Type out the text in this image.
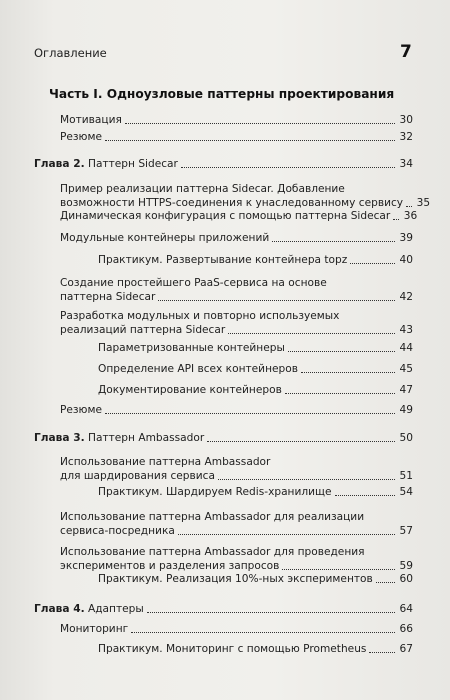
Оглавление	7
Часть I. Одноузловые паттерны проектирования
Мотивация	30
Резюме	32
Глава 2.
Паттерн Sidecar	34
Пример реализации паттерна Sidecar. Добавление
возможности HTTPS-соединения к унаследованному сервису 35
Динамическая конфигурация с помощью паттерна Sidecar 36
Модульные контейнеры приложений	39
Практикум. Развертывание контейнера topz	40
Создание простейшего PaaS-сервиса на основе
паттерна Sidecar	42
Разработка модульных и повторно используемых
реализаций паттерна Sidecar	43
Параметризованные контейнеры	44
Определение API всех контейнеров	45
Документирование контейнеров	47
Резюме	49
Глава 3.
Паттерн Ambassador	50
Использование паттерна Ambassador
для шардирования сервиса	51
Практикум. Шардируем Redis-хранилище	54
Использование паттерна Ambassador для реализации
сервиса-посредника	57
Использование паттерна Ambassador для проведения
экспериментов и разделения запросов	59
Практикум. Реализация 10%-ных экспериментов	60
Глава 4.
Адаптеры	64
Мониторинг	66
Практикум. Мониторинг с помощью Prometheus	67
